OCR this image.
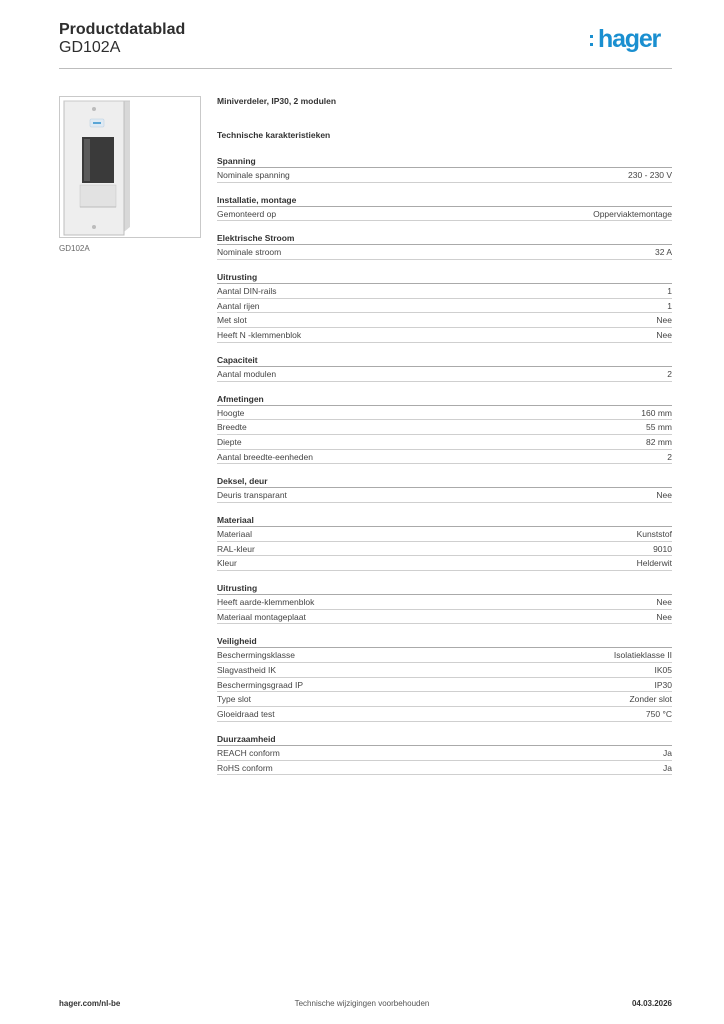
Productdatablad
GD102A	hager
GD102A
Miniverdeler, IP30, 2 modulen
Technische karakteristieken
Spanning
Nominale spanning	230 - 230 V
Installatie, montage
Gemonteerd op	Opperviaktemontage
Elektrische Stroom
Nominale stroom	32 A
Uitrusting
Aantal DIN-rails	1
Aantal rijen	1
Met slot	Nee
Heeft N -klemmenblok	Nee
Capaciteit
Aantal modulen	2
Afmetingen
Hoogte	160 mm
Breedte	55 mm
Diepte	82 mm
Aantal breedte-eenheden	2
Deksel, deur
Deuris transparant	Nee
Materiaal
Materiaal	Kunststof
RAL-kleur	9010
Kleur	Helderwit
Uitrusting
Heeft aarde-klemmenblok	Nee
Materiaal montageplaat	Nee
Veiligheid
Beschermingsklasse	Isolatieklasse II
Slagvastheid IK	IK05
Beschermingsgraad IP	IP30
Type slot	Zonder slot
Gloeidraad test	750 °C
Duurzaamheid
REACH conform	Ja
RoHS conform	Ja
hager.com/nl-be	Technische wijzigingen voorbehouden	04.03.2026
